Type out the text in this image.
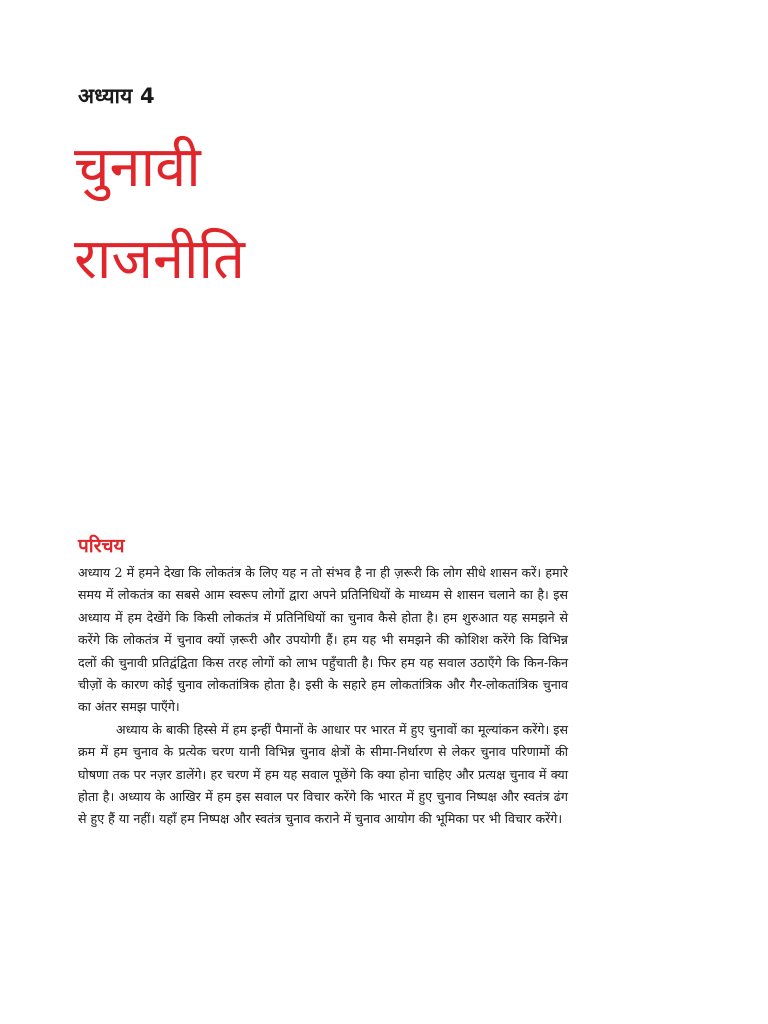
अध्याय 4
चुनावी
राजनीति
परिचय

अध्याय 2 में हमने देखा कि लोकतंत्र के लिए यह न तो संभव है ना ही ज़रूरी कि लोग सीधे शासन करें। हमारे समय में लोकतंत्र का सबसे आम स्वरूप लोगों द्वारा अपने प्रतिनिधियों के माध्यम से शासन चलाने का है। इस अध्याय में हम देखेंगे कि किसी लोकतंत्र में प्रतिनिधियों का चुनाव कैसे होता है। हम शुरुआत यह समझने से करेंगे कि लोकतंत्र में चुनाव क्यों ज़रूरी और उपयोगी हैं। हम यह भी समझने की कोशिश करेंगे कि विभिन्न दलों की चुनावी प्रतिद्वंद्विता किस तरह लोगों को लाभ पहुँचाती है। फिर हम यह सवाल उठाएँगे कि किन-किन चीज़ों के कारण कोई चुनाव लोकतांत्रिक होता है। इसी के सहारे हम लोकतांत्रिक और गैर-लोकतांत्रिक चुनाव का अंतर समझ पाएँगे।

अध्याय के बाकी हिस्से में हम इन्हीं पैमानों के आधार पर भारत में हुए चुनावों का मूल्यांकन करेंगे। इस क्रम में हम चुनाव के प्रत्येक चरण यानी विभिन्न चुनाव क्षेत्रों के सीमा-निर्धारण से लेकर चुनाव परिणामों की घोषणा तक पर नज़र डालेंगे। हर चरण में हम यह सवाल पूछेंगे कि क्या होना चाहिए और प्रत्यक्ष चुनाव में क्या होता है। अध्याय के आखिर में हम इस सवाल पर विचार करेंगे कि भारत में हुए चुनाव निष्पक्ष और स्वतंत्र ढंग से हुए हैं या नहीं। यहाँ हम निष्पक्ष और स्वतंत्र चुनाव कराने में चुनाव आयोग की भूमिका पर भी विचार करेंगे।
